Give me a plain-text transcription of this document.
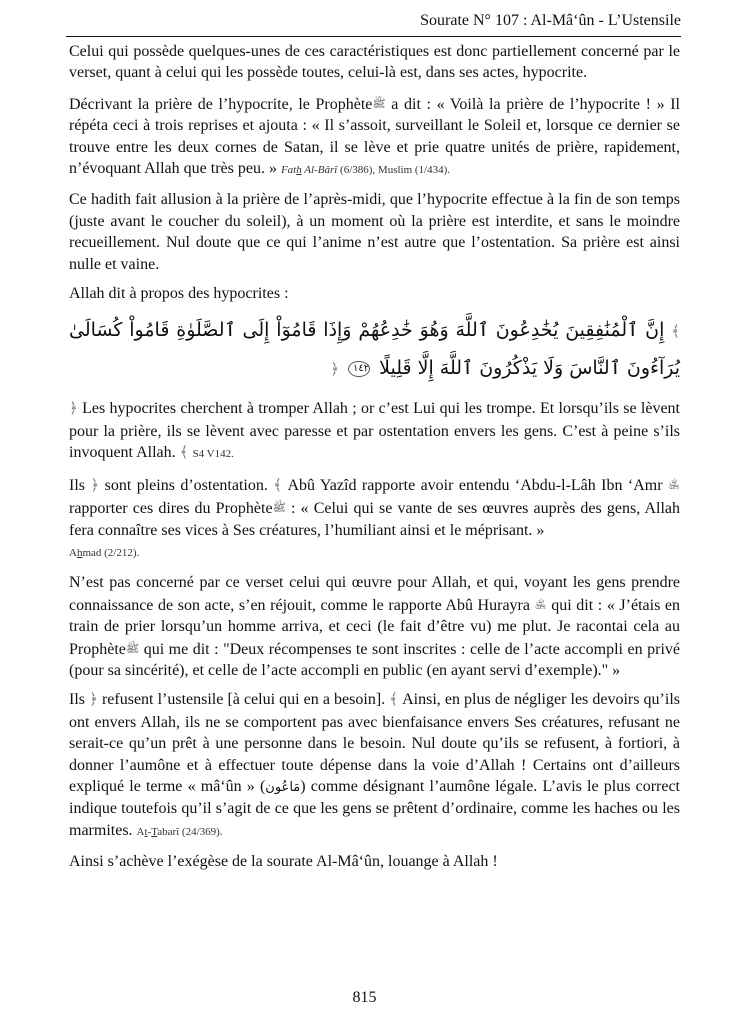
Sourate N° 107 : Al-Mâ‘ûn - L’Ustensile

Celui qui possède quelques-unes de ces caractéristiques est donc partiellement concerné par le verset, quant à celui qui les possède toutes, celui-là est, dans ses actes, hypocrite.

Décrivant la prière de l’hypocrite, le Prophèteﷺ a dit : « Voilà la prière de l’hypocrite ! » Il répéta ceci à trois reprises et ajouta : « Il s’assoit, surveillant le Soleil et, lorsque ce dernier se trouve entre les deux cornes de Satan, il se lève et prie quatre unités de prière, rapidement, n’évoquant Allah que très peu. » Fath Al-Bârî (6/386), Muslim (1/434).

Ce hadith fait allusion à la prière de l’après-midi, que l’hypocrite effectue à la fin de son temps (juste avant le coucher du soleil), à un moment où la prière est interdite, et sans le moindre recueillement. Nul doute que ce qui l’anime n’est autre que l’ostentation. Sa prière est ainsi nulle et vaine.

Allah dit à propos des hypocrites :

﴾ إِنَّ ٱلْمُنَٰفِقِينَ يُخَٰدِعُونَ ٱللَّهَ وَهُوَ خَٰدِعُهُمْ وَإِذَا قَامُوٓاْ إِلَى ٱلصَّلَوٰةِ قَامُواْ كُسَالَىٰ يُرَآءُونَ ٱلنَّاسَ وَلَا يَذْكُرُونَ ٱللَّهَ إِلَّا قَلِيلًا ١٤٢ ﴿

﴿ Les hypocrites cherchent à tromper Allah ; or c’est Lui qui les trompe. Et lorsqu’ils se lèvent pour la prière, ils se lèvent avec paresse et par ostentation envers les gens. C’est à peine s’ils invoquent Allah. ﴾ S4 V142.

Ils ﴿ sont pleins d’ostentation. ﴾ Abû Yazîd rapporte avoir entendu ‘Abdu-l-Lâh Ibn ‘Amr ﵁ rapporter ces dires du Prophèteﷺ : « Celui qui se vante de ses œuvres auprès des gens, Allah fera connaître ses vices à Ses créatures, l’humiliant ainsi et le méprisant. »
Ahmad (2/212).

N’est pas concerné par ce verset celui qui œuvre pour Allah, et qui, voyant les gens prendre connaissance de son acte, s’en réjouit, comme le rapporte Abû Hurayra ﵁ qui dit : « J’étais en train de prier lorsqu’un homme arriva, et ceci (le fait d’être vu) me plut. Je racontai cela au Prophèteﷺ qui me dit : "Deux récompenses te sont inscrites : celle de l’acte accompli en privé (pour sa sincérité), et celle de l’acte accompli en public (en ayant servi d’exemple)." »

Ils ﴿ refusent l’ustensile [à celui qui en a besoin]. ﴾ Ainsi, en plus de négliger les devoirs qu’ils ont envers Allah, ils ne se comportent pas avec bienfaisance envers Ses créatures, refusant ne serait-ce qu’un prêt à une personne dans le besoin. Nul doute qu’ils se refusent, à fortiori, à donner l’aumône et à effectuer toute dépense dans la voie d’Allah ! Certains ont d’ailleurs expliqué le terme « mâ‘ûn » (مَاعُون) comme désignant l’aumône légale. L’avis le plus correct indique toutefois qu’il s’agit de ce que les gens se prêtent d’ordinaire, comme les haches ou les marmites. At-Tabarî (24/369).

Ainsi s’achève l’exégèse de la sourate Al-Mâ‘ûn, louange à Allah !

815
